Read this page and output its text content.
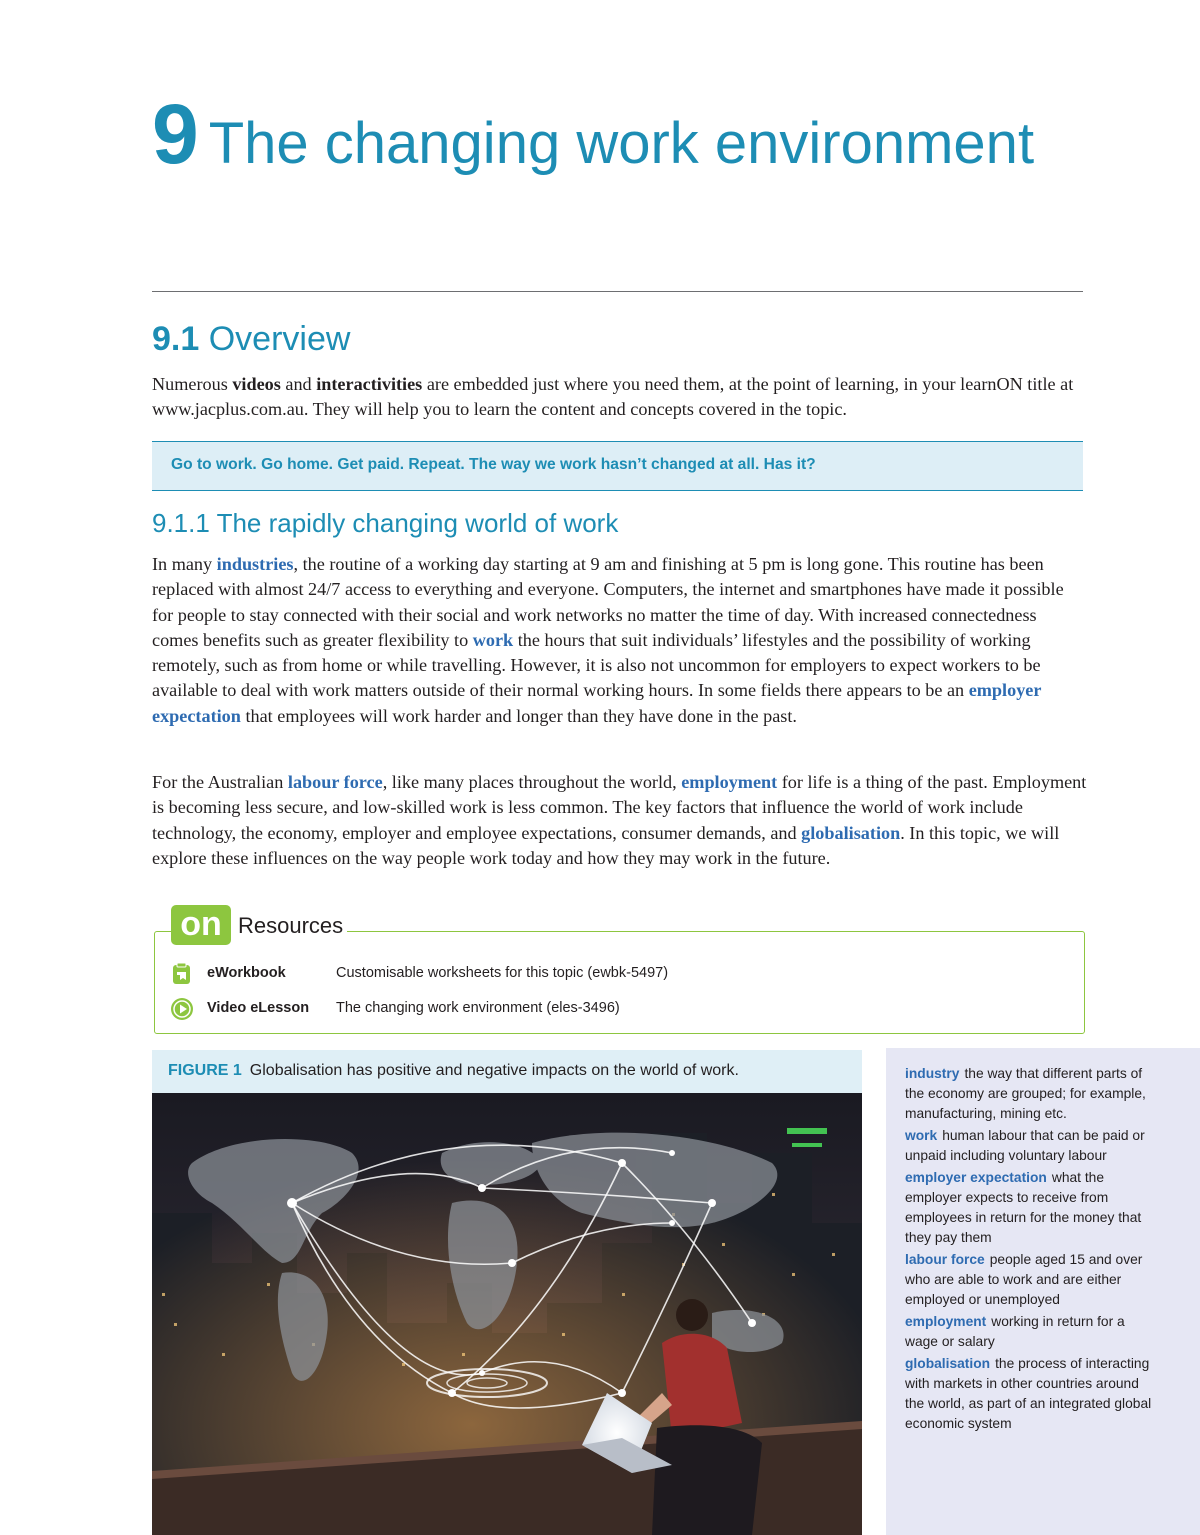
9 The changing work environment
9.1 Overview

Numerous videos and interactivities are embedded just where you need them, at the point of learning, in your learnON title at www.jacplus.com.au. They will help you to learn the content and concepts covered in the topic.

Go to work. Go home. Get paid. Repeat. The way we work hasn’t changed at all. Has it?
9.1.1 The rapidly changing world of work

In many industries, the routine of a working day starting at 9 am and finishing at 5 pm is long gone. This routine has been replaced with almost 24/7 access to everything and everyone. Computers, the internet and smartphones have made it possible for people to stay connected with their social and work networks no matter the time of day. With increased connectedness comes benefits such as greater flexibility to work the hours that suit individuals’ lifestyles and the possibility of working remotely, such as from home or while travelling. However, it is also not uncommon for employers to expect workers to be available to deal with work matters outside of their normal working hours. In some fields there appears to be an employer expectation that employees will work harder and longer than they have done in the past.

For the Australian labour force, like many places throughout the world, employment for life is a thing of the past. Employment is becoming less secure, and low-skilled work is less common. The key factors that influence the world of work include technology, the economy, employer and employee expectations, consumer demands, and globalisation. In this topic, we will explore these influences on the way people work today and how they may work in the future.

on Resources
eWorkbook	Customisable worksheets for this topic (ewbk-5497)
Video eLesson The changing work environment (eles-3496)
FIGURE 1 Globalisation has positive and negative impacts on the world of work.	industry the way that different parts of the economy are grouped; for example, manufacturing, mining etc.
work human labour that can be paid or unpaid including voluntary labour
employer expectation what the employer expects to receive from employees in return for the money that they pay them
labour force people aged 15 and over who are able to work and are either employed or unemployed
employment working in return for a wage or salary
globalisation the process of interacting with markets in other countries around the world, as part of an integrated global economic system
